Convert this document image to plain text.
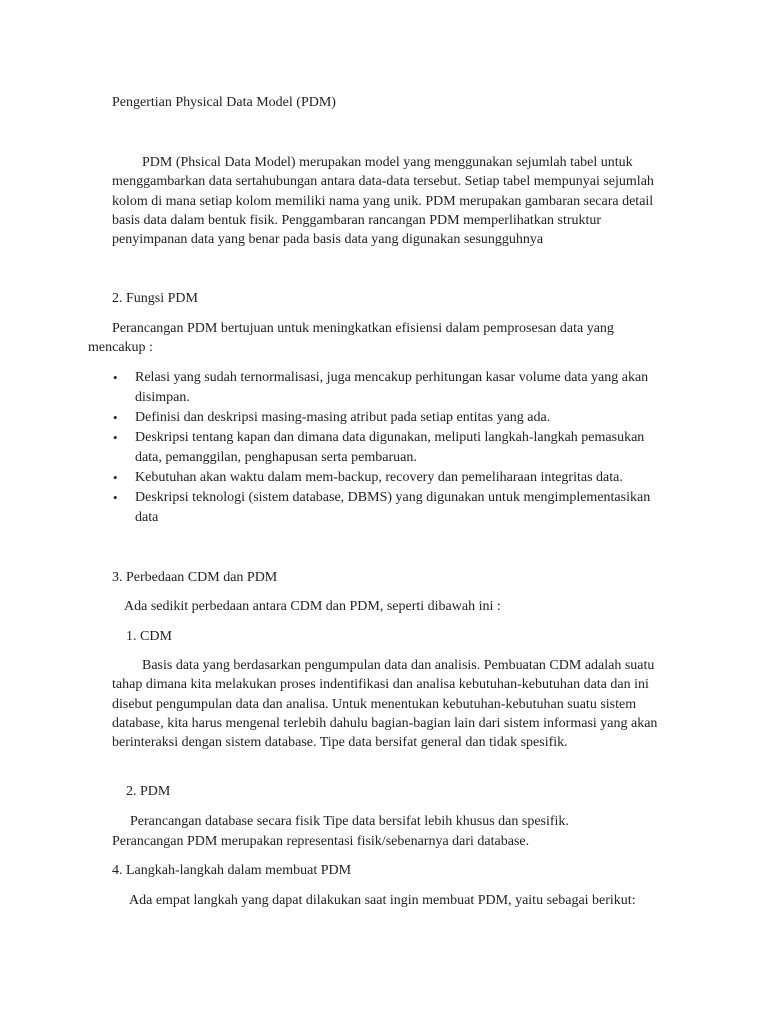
Pengertian Physical Data Model (PDM)
PDM (Phsical Data Model) merupakan model yang menggunakan sejumlah tabel untuk menggambarkan data sertahubungan antara data-data tersebut. Setiap tabel mempunyai sejumlah kolom di mana setiap kolom memiliki nama yang unik. PDM merupakan gambaran secara detail basis data dalam bentuk fisik. Penggambaran rancangan PDM memperlihatkan struktur penyimpanan data yang benar pada basis data yang digunakan sesungguhnya
2. Fungsi PDM
Perancangan PDM bertujuan untuk meningkatkan efisiensi dalam pemprosesan data yang
mencakup :
• Relasi yang sudah ternormalisasi, juga mencakup perhitungan kasar volume data yang akan disimpan.
• Definisi dan deskripsi masing-masing atribut pada setiap entitas yang ada.
• Deskripsi tentang kapan dan dimana data digunakan, meliputi langkah-langkah pemasukan data, pemanggilan, penghapusan serta pembaruan.
• Kebutuhan akan waktu dalam mem-backup, recovery dan pemeliharaan integritas data.
• Deskripsi teknologi (sistem database, DBMS) yang digunakan untuk mengimplementasikan data
3. Perbedaan CDM dan PDM
Ada sedikit perbedaan antara CDM dan PDM, seperti dibawah ini :
1. CDM
Basis data yang berdasarkan pengumpulan data dan analisis. Pembuatan CDM adalah suatu tahap dimana kita melakukan proses indentifikasi dan analisa kebutuhan-kebutuhan data dan ini disebut pengumpulan data dan analisa. Untuk menentukan kebutuhan-kebutuhan suatu sistem database, kita harus mengenal terlebih dahulu bagian-bagian lain dari sistem informasi yang akan berinteraksi dengan sistem database. Tipe data bersifat general dan tidak spesifik.
2. PDM
Perancangan database secara fisik Tipe data bersifat lebih khusus dan spesifik.
Perancangan PDM merupakan representasi fisik/sebenarnya dari database.
4. Langkah-langkah dalam membuat PDM
Ada empat langkah yang dapat dilakukan saat ingin membuat PDM, yaitu sebagai berikut:
